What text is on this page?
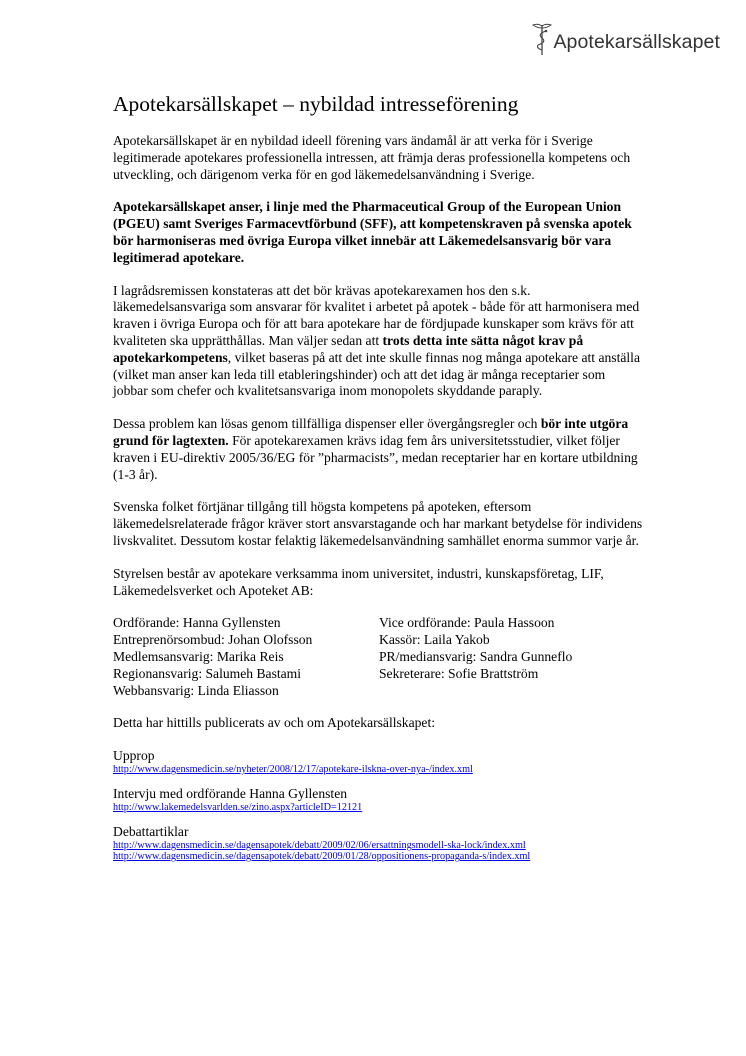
Apotekarsällskapet
Apotekarsällskapet – nybildad intresseförening

Apotekarsällskapet är en nybildad ideell förening vars ändamål är att verka för i Sverige legitimerade apotekares professionella intressen, att främja deras professionella kompetens och utveckling, och därigenom verka för en god läkemedelsanvändning i Sverige.

Apotekarsällskapet anser, i linje med the Pharmaceutical Group of the European Union (PGEU) samt Sveriges Farmacevtförbund (SFF), att kompetenskraven på svenska apotek bör harmoniseras med övriga Europa vilket innebär att Läkemedelsansvarig bör vara legitimerad apotekare.

I lagrådsremissen konstateras att det bör krävas apotekarexamen hos den s.k. läkemedelsansvariga som ansvarar för kvalitet i arbetet på apotek - både för att harmonisera med kraven i övriga Europa och för att bara apotekare har de fördjupade kunskaper som krävs för att kvaliteten ska upprätthållas. Man väljer sedan att trots detta inte sätta något krav på apotekarkompetens, vilket baseras på att det inte skulle finnas nog många apotekare att anställa (vilket man anser kan leda till etableringshinder) och att det idag är många receptarier som jobbar som chefer och kvalitetsansvariga inom monopolets skyddande paraply.

Dessa problem kan lösas genom tillfälliga dispenser eller övergångsregler och bör inte utgöra grund för lagtexten. För apotekarexamen krävs idag fem års universitetsstudier, vilket följer kraven i EU-direktiv 2005/36/EG för ”pharmacists”, medan receptarier har en kortare utbildning (1-3 år).

Svenska folket förtjänar tillgång till högsta kompetens på apoteken, eftersom läkemedelsrelaterade frågor kräver stort ansvarstagande och har markant betydelse för individens livskvalitet. Dessutom kostar felaktig läkemedelsanvändning samhället enorma summor varje år.

Styrelsen består av apotekare verksamma inom universitet, industri, kunskapsföretag, LIF, Läkemedelsverket och Apoteket AB:

Ordförande: Hanna Gyllensten
Entreprenörsombud: Johan Olofsson
Medlemsansvarig: Marika Reis
Regionansvarig: Salumeh Bastami
Webbansvarig: Linda Eliasson
Vice ordförande: Paula Hassoon
Kassör: Laila Yakob
PR/mediansvarig: Sandra Gunneflo
Sekreterare: Sofie Brattström

Detta har hittills publicerats av och om Apotekarsällskapet:

Upprop
http://www.dagensmedicin.se/nyheter/2008/12/17/apotekare-ilskna-over-nya-/index.xml
Intervju med ordförande Hanna Gyllensten
http://www.lakemedelsvarlden.se/zino.aspx?articleID=12121
Debattartiklar
http://www.dagensmedicin.se/dagensapotek/debatt/2009/02/06/ersattningsmodell-ska-lock/index.xml
http://www.dagensmedicin.se/dagensapotek/debatt/2009/01/28/oppositionens-propaganda-s/index.xml
